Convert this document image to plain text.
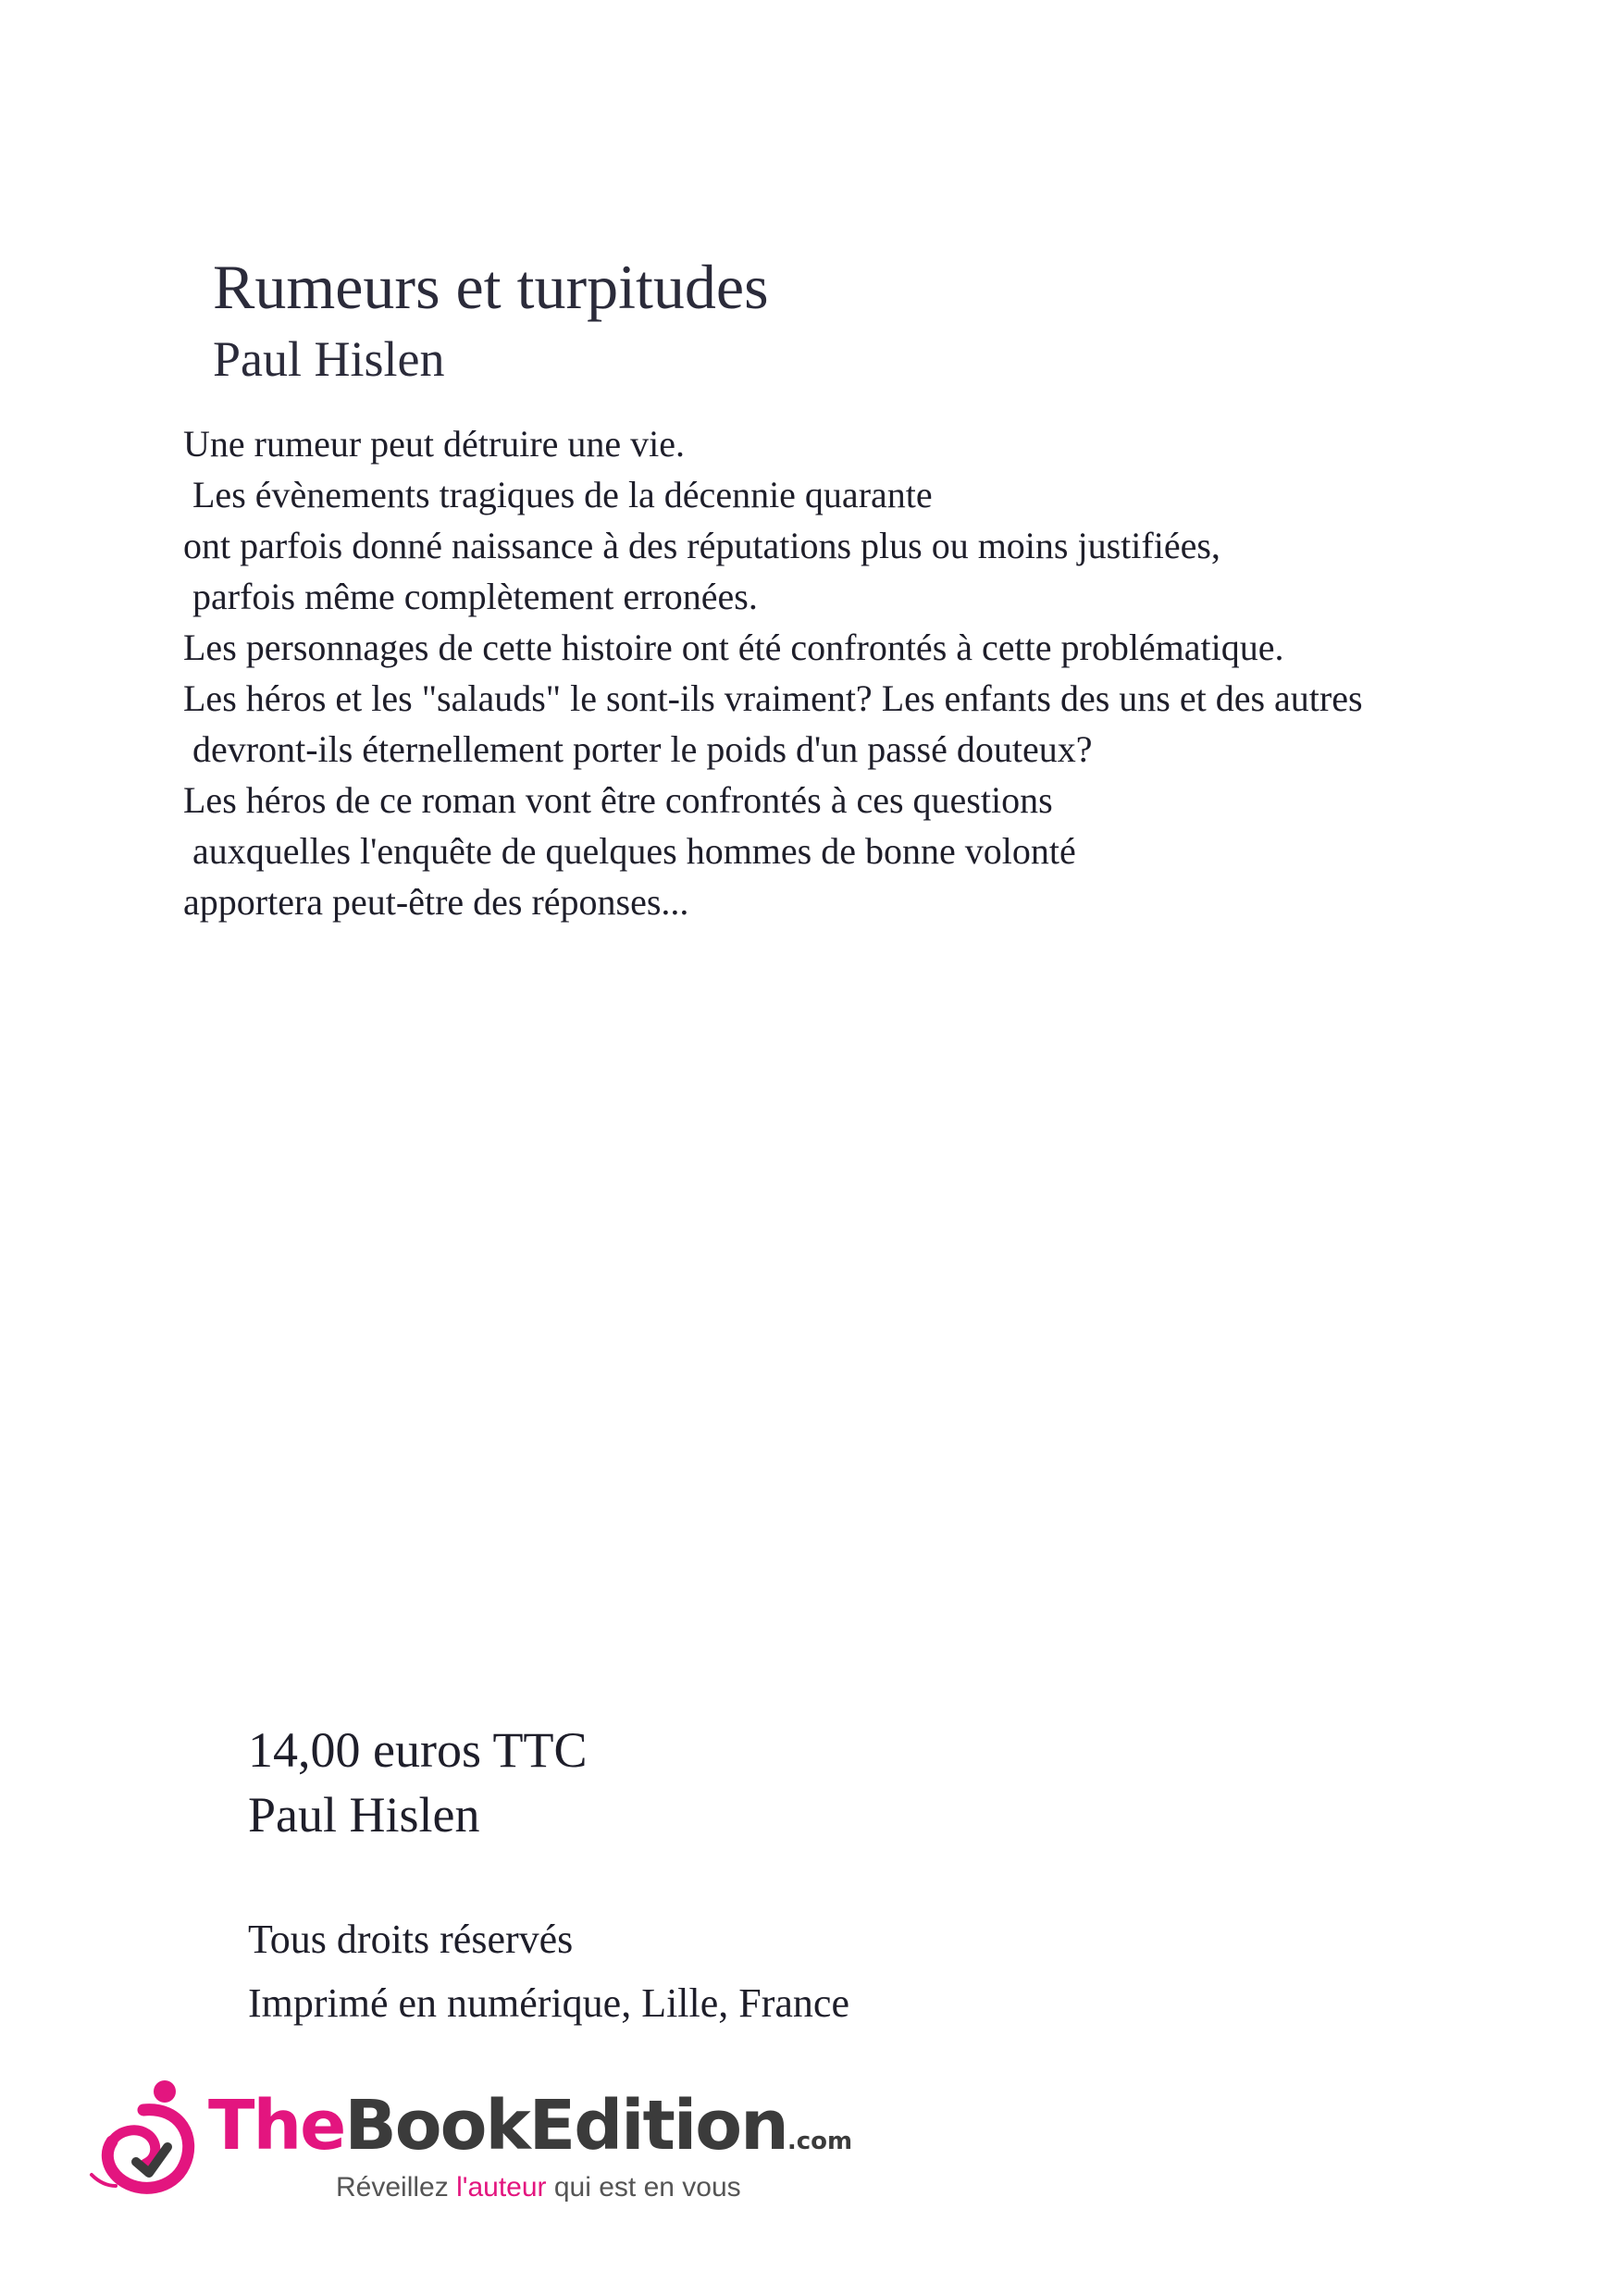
Rumeurs et turpitudes
Paul Hislen
Une rumeur peut détruire une vie.
Les évènements tragiques de la décennie quarante
ont parfois donné naissance à des réputations plus ou moins justifiées,
parfois même complètement erronées.
Les personnages de cette histoire ont été confrontés à cette problématique.
Les héros et les "salauds" le sont-ils vraiment? Les enfants des uns et des autres
devront-ils éternellement porter le poids d'un passé douteux?
Les héros de ce roman vont être confrontés à ces questions
auxquelles l'enquête de quelques hommes de bonne volonté
apportera peut-être des réponses...
14,00 euros TTC
Paul Hislen
Tous droits réservés
Imprimé en numérique, Lille, France
TheBookEdition.com
Réveillez l'auteur qui est en vous
